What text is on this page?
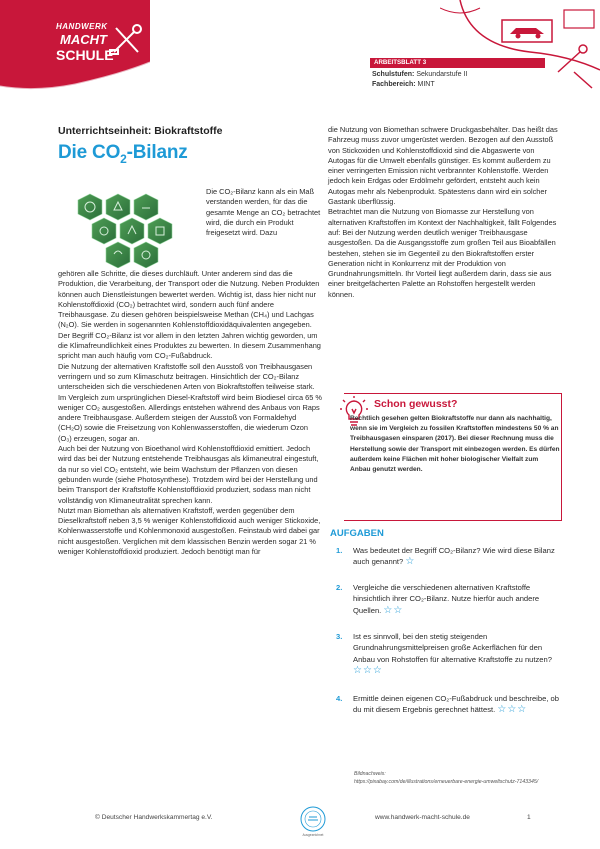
HANDWERK
MACHT
SCHULE	ARBEITSBLATT 3
Schulstufen: Sekundarstufe II
Fachbereich: MINT
Unterrichtseinheit: Biokraftstoffe
Die $CO_2$-Bilanz
Die CO₂-Bilanz kann als ein Maß verstanden werden, für das die gesamte Menge an CO₂ betrachtet wird, die durch ein Produkt freigesetzt wird. Dazu
gehören alle Schritte, die dieses durchläuft. Unter anderem sind das die Produktion, die Verarbeitung, der Transport oder die Nutzung. Neben Produkten können auch Dienstleistungen bewertet werden. Wichtig ist, dass hier nicht nur Kohlenstoffdioxid (CO₂) betrachtet wird, sondern auch fünf andere Treibhausgase. Zu diesen gehören beispielsweise Methan (CH₄) und Lachgas (N₂O). Sie werden in sogenannten Kohlenstoffdioxidäquivalenten angegeben.
Der Begriff CO₂-Bilanz ist vor allem in den letzten Jahren wichtig geworden, um die Klimafreundlichkeit eines Produktes zu bewerten. In diesem Zusammenhang spricht man auch häufig vom CO₂-Fußabdruck.
Die Nutzung der alternativen Kraftstoffe soll den Ausstoß von Treibhausgasen verringern und so zum Klimaschutz beitragen. Hinsichtlich der CO₂-Bilanz unterscheiden sich die verschiedenen Arten von Biokraftstoffen teilweise stark. Im Vergleich zum ursprünglichen Diesel-Kraftstoff wird beim Biodiesel circa 65 % weniger CO₂ ausgestoßen. Allerdings entstehen während des Anbaus von Raps andere Treibhausgase. Außerdem steigen der Ausstoß von Formaldehyd (CH₂O) sowie die Freisetzung von Kohlenwasserstoffen, die wiederum Ozon (O₃) erzeugen, sogar an.
Auch bei der Nutzung von Bioethanol wird Kohlenstoffdioxid emittiert. Jedoch wird das bei der Nutzung entstehende Treibhausgas als klimaneutral eingestuft, da nur so viel CO₂ entsteht, wie beim Wachstum der Pflanzen von diesen gebunden wurde (siehe Photosynthese). Trotzdem wird bei der Herstellung und beim Transport der Kraftstoffe Kohlenstoffdioxid produziert, sodass man nicht vollständig von Klimaneutralität sprechen kann.
Nutzt man Biomethan als alternativen Kraftstoff, werden gegenüber dem Dieselkraftstoff neben 3,5 % weniger Kohlenstoffdioxid auch weniger Stickoxide, Kohlenwasserstoffe und Kohlenmonoxid ausgestoßen. Feinstaub wird dabei gar nicht ausgestoßen. Verglichen mit dem klassischen Benzin werden sogar 21 % weniger Kohlenstoffdioxid produziert. Jedoch benötigt man für
die Nutzung von Biomethan schwere Druckgasbehälter. Das heißt das Fahrzeug muss zuvor umgerüstet werden. Bezogen auf den Ausstoß von Stickoxiden und Kohlenstoffdioxid sind die Abgaswerte von Autogas für die Umwelt ebenfalls günstiger. Es kommt außerdem zu einer verringerten Emission nicht verbrannter Kohlenstoffe. Werden jedoch kein Erdgas oder Erdölmehr gefördert, entsteht auch kein Autogas mehr als Nebenprodukt. Spätestens dann wird ein solcher Gastank überflüssig.
Betrachtet man die Nutzung von Biomasse zur Herstellung von alternativen Kraftstoffen im Kontext der Nachhaltigkeit, fällt Folgendes auf: Bei der Nutzung werden deutlich weniger Treibhausgase ausgestoßen. Da die Ausgangsstoffe zum großen Teil aus Bioabfällen bestehen, stehen sie im Gegenteil zu den Biokraftstoffen erster Generation nicht in Konkurrenz mit der Produktion von Grundnahrungsmitteln. Ihr Vorteil liegt außerdem darin, dass sie aus einer breitgefächerten Palette an Rohstoffen hergestellt werden können.
Schon gewusst?
Rechtlich gesehen gelten Biokraftstoffe nur dann als nachhaltig, wenn sie im Vergleich zu fossilen Kraftstoffen mindestens 50 % an Treibhausgasen einsparen (2017). Bei dieser Rechnung muss die Herstellung sowie der Transport mit einbezogen werden. Es dürfen außerdem keine Flächen mit hoher biologischer Vielfalt zum Anbau genutzt werden.
AUFGABEN
1. Was bedeutet der Begriff CO₂-Bilanz? Wie wird diese Bilanz auch genannt? ☆
2. Vergleiche die verschiedenen alternativen Kraftstoffe hinsichtlich ihrer CO₂-Bilanz. Nutze hierfür auch andere Quellen. ☆☆
3. Ist es sinnvoll, bei den stetig steigenden Grundnahrungsmittelpreisen große Ackerflächen für den Anbau von Rohstoffen für alternative Kraftstoffe zu nutzen? ☆☆☆
4. Ermittle deinen eigenen CO₂-Fußabdruck und beschreibe, ob du mit diesem Ergebnis gerechnet hättest. ☆☆☆
Bildnachweis:
https://pixabay.com/de/illustrations/erneuerbare-energie-umweltschutz-7143345/
© Deutscher Handwerkskammertag e.V.
Ausgezeichnet
www.handwerk-macht-schule.de	1
